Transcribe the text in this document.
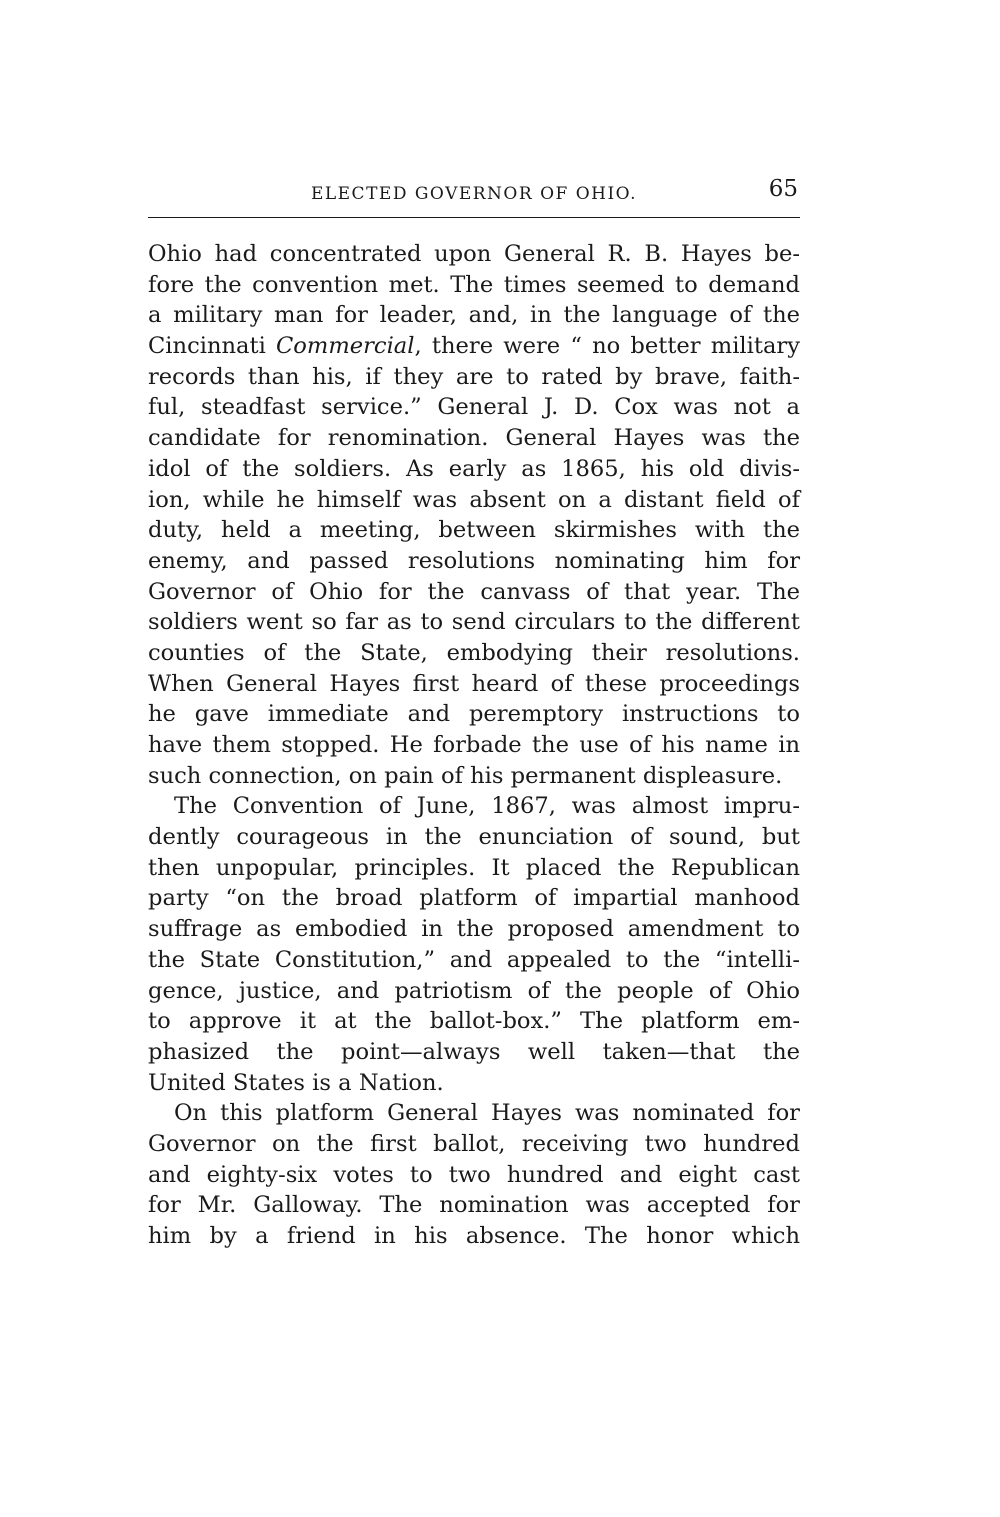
ELECTED GOVERNOR OF OHIO.	65
Ohio had concentrated upon General R. B. Hayes be-
fore the convention met. The times seemed to demand
a military man for leader, and, in the language of the
Cincinnati Commercial, there were “ no better military
records than his, if they are to rated by brave, faith-
ful, steadfast service.” General J. D. Cox was not a
candidate for renomination. General Hayes was the
idol of the soldiers. As early as 1865, his old divis-
ion, while he himself was absent on a distant field of
duty, held a meeting, between skirmishes with the
enemy, and passed resolutions nominating him for
Governor of Ohio for the canvass of that year. The
soldiers went so far as to send circulars to the different
counties of the State, embodying their resolutions.
When General Hayes first heard of these proceedings
he gave immediate and peremptory instructions to
have them stopped. He forbade the use of his name in
such connection, on pain of his permanent displeasure.
The Convention of June, 1867, was almost impru-
dently courageous in the enunciation of sound, but
then unpopular, principles. It placed the Republican
party “on the broad platform of impartial manhood
suffrage as embodied in the proposed amendment to
the State Constitution,” and appealed to the “intelli-
gence, justice, and patriotism of the people of Ohio
to approve it at the ballot-box.” The platform em-
phasized the point—always well taken—that the
United States is a Nation.
On this platform General Hayes was nominated for
Governor on the first ballot, receiving two hundred
and eighty-six votes to two hundred and eight cast
for Mr. Galloway. The nomination was accepted for
him by a friend in his absence. The honor which
